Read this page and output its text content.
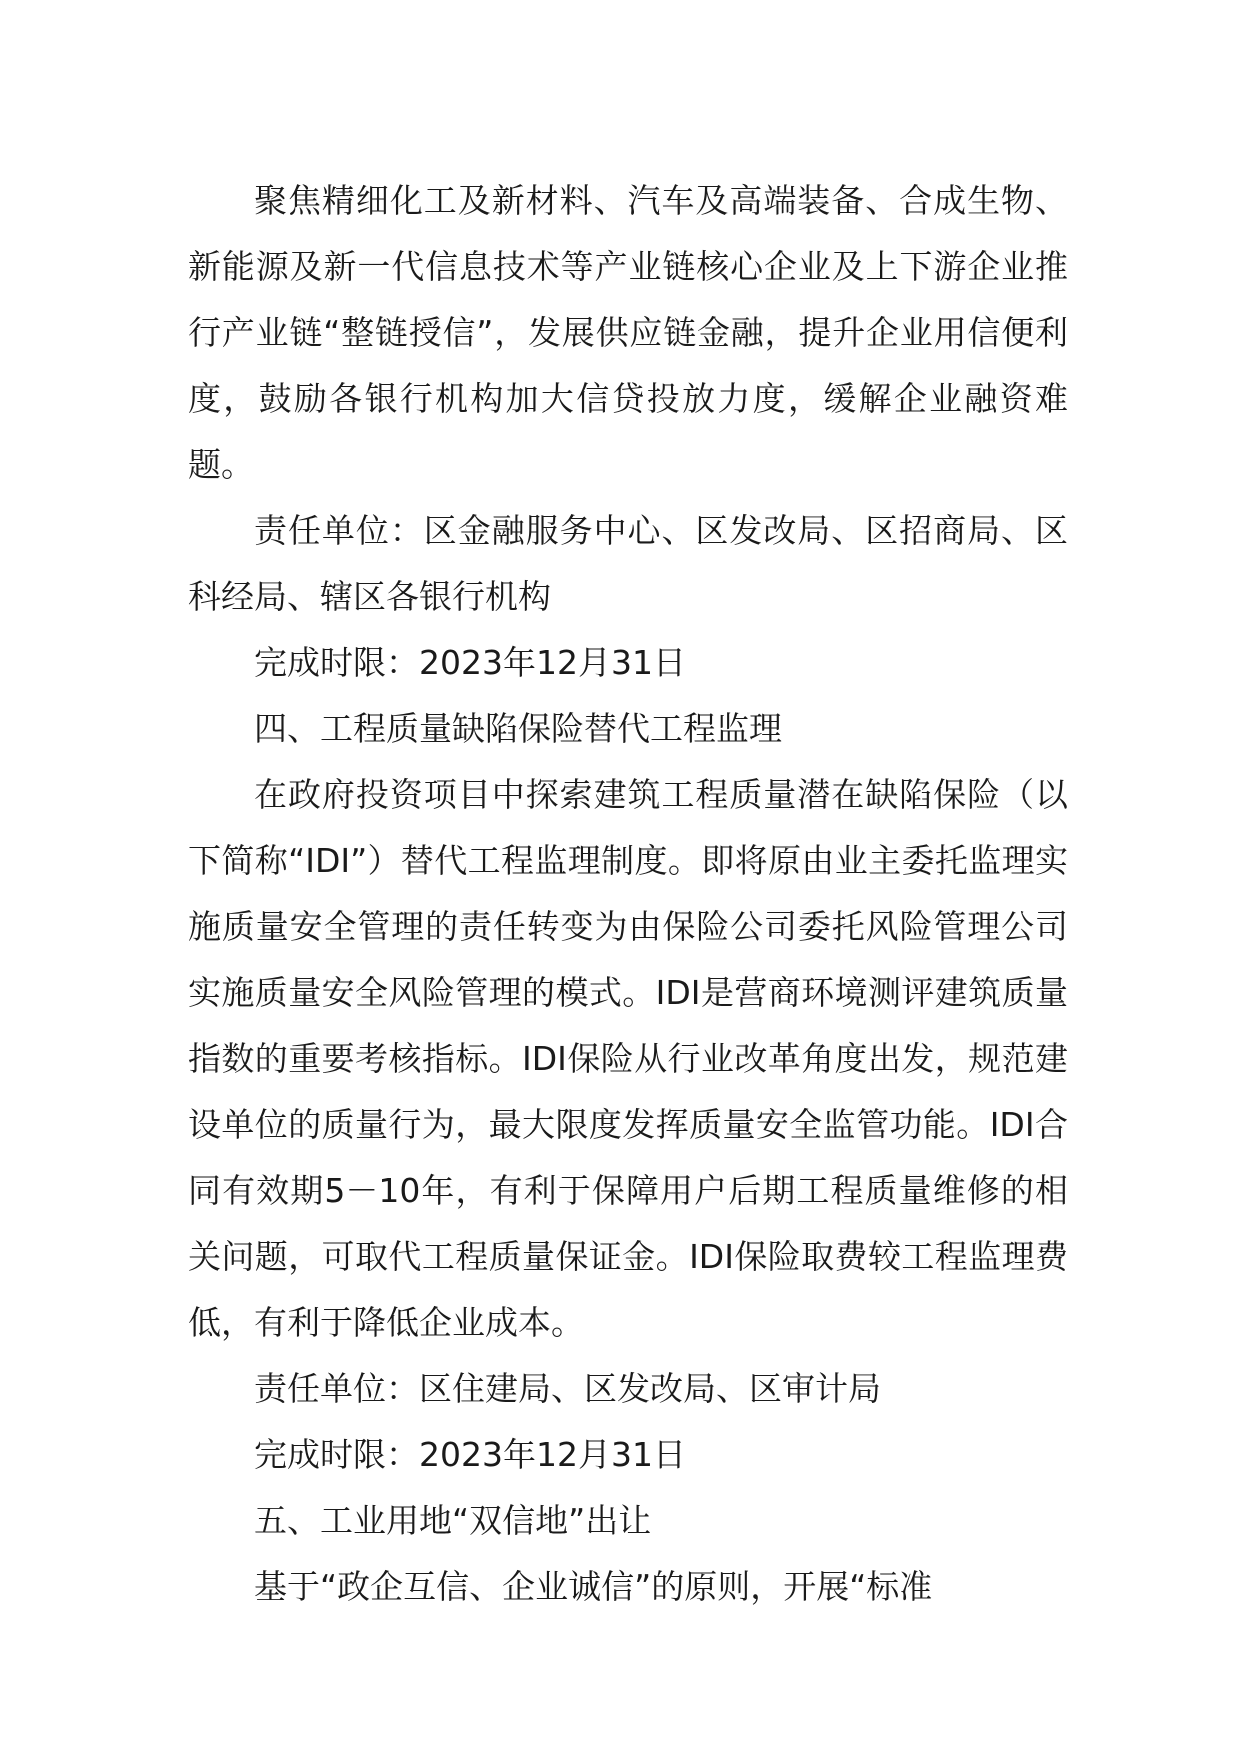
聚焦精细化工及新材料、汽车及高端装备、合成生物、新能源及新一代信息技术等产业链核心企业及上下游企业推行产业链“整链授信”，发展供应链金融，提升企业用信便利度，鼓励各银行机构加大信贷投放力度，缓解企业融资难题。

责任单位：区金融服务中心、区发改局、区招商局、区科经局、辖区各银行机构

完成时限：2023年12月31日

四、工程质量缺陷保险替代工程监理

在政府投资项目中探索建筑工程质量潜在缺陷保险（以下简称“IDI”）替代工程监理制度。即将原由业主委托监理实施质量安全管理的责任转变为由保险公司委托风险管理公司实施质量安全风险管理的模式。IDI是营商环境测评建筑质量指数的重要考核指标。IDI保险从行业改革角度出发，规范建设单位的质量行为，最大限度发挥质量安全监管功能。IDI合同有效期5－10年，有利于保障用户后期工程质量维修的相关问题，可取代工程质量保证金。IDI保险取费较工程监理费低，有利于降低企业成本。

责任单位：区住建局、区发改局、区审计局

完成时限：2023年12月31日

五、工业用地“双信地”出让

基于“政企互信、企业诚信”的原则，开展“标准
